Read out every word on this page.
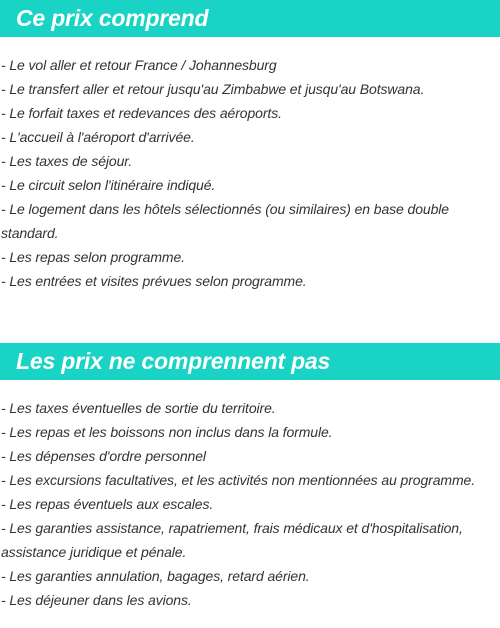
Ce prix comprend
- Le vol aller et retour France / Johannesburg
- Le transfert aller et retour jusqu'au Zimbabwe et jusqu'au Botswana.
- Le forfait taxes et redevances des aéroports.
- L'accueil à l'aéroport d'arrivée.
- Les taxes de séjour.
- Le circuit selon l'itinéraire indiqué.
- Le logement dans les hôtels sélectionnés (ou similaires) en base double standard.
- Les repas selon programme.
- Les entrées et visites prévues selon programme.
Les prix ne comprennent pas
- Les taxes éventuelles de sortie du territoire.
- Les repas et les boissons non inclus dans la formule.
- Les dépenses d'ordre personnel
- Les excursions facultatives, et les activités non mentionnées au programme.
- Les repas éventuels aux escales.
- Les garanties assistance, rapatriement, frais médicaux et d'hospitalisation, assistance juridique et pénale.
- Les garanties annulation, bagages, retard aérien.
- Les déjeuner dans les avions.
